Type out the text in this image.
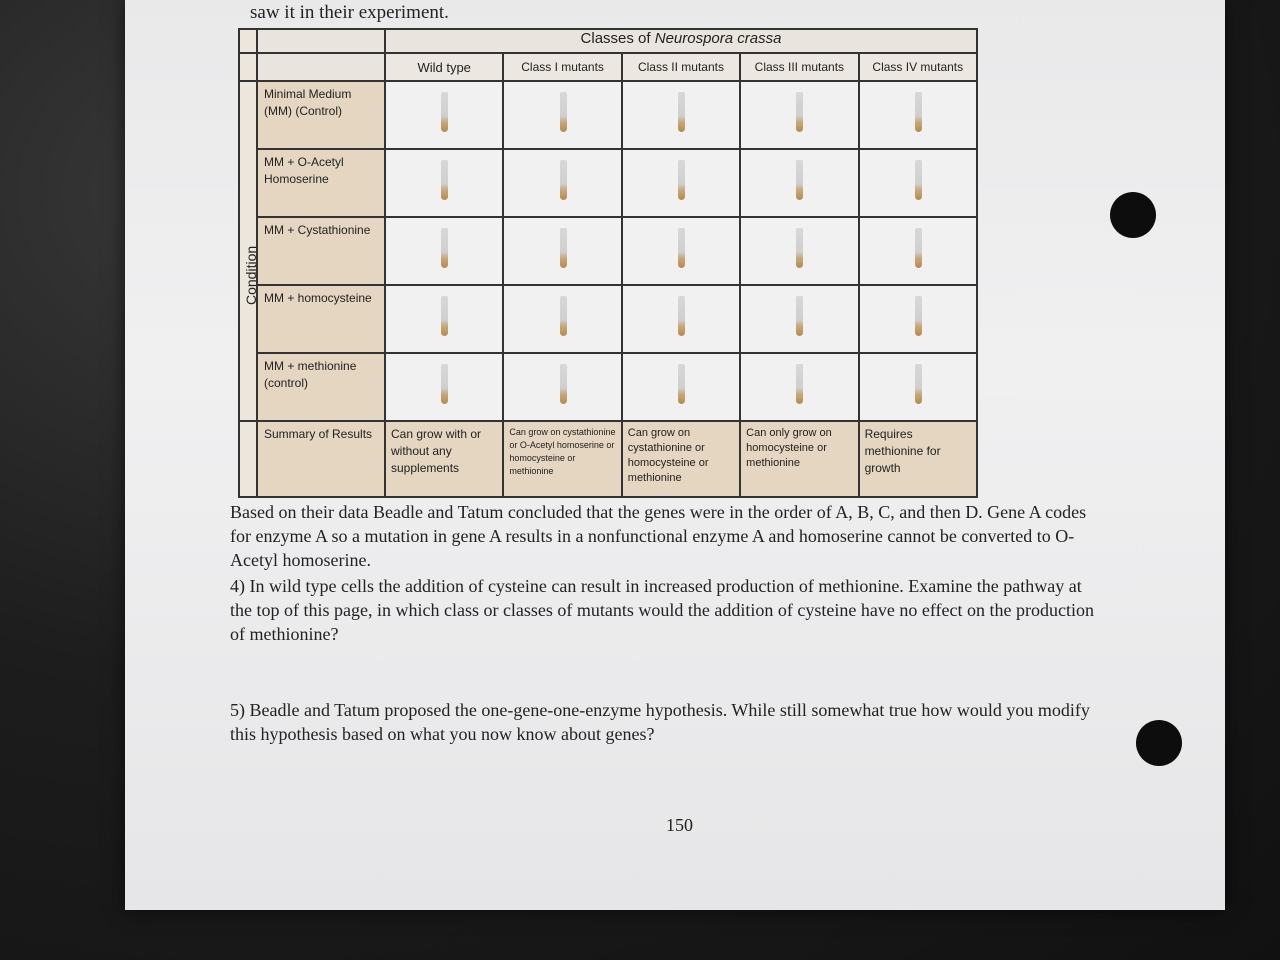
saw it in their experiment.
		Classes of Neurospora crassa				
		Wild type	Class I mutants	Class II mutants	Class III mutants	Class IV mutants
	Minimal Medium (MM) (Control)	

	MM + O-Acetyl Homoserine	

	MM + Cystathionine	

	MM + homocysteine	

	MM + methionine (control)	

	Summary of Results	Can grow with or without any supplements	Can grow on cystathionine or O-Acetyl homoserine or homocysteine or methionine	Can grow on cystathionine or homocysteine or methionine	Can only grow on homocysteine or methionine	Requires methionine for growth
Condition
Based on their data Beadle and Tatum concluded that the genes were in the order of A, B, C, and then D. Gene A codes for enzyme A so a mutation in gene A results in a nonfunctional enzyme A and homoserine cannot be converted to O-Acetyl homoserine.
4) In wild type cells the addition of cysteine can result in increased production of methionine. Examine the pathway at the top of this page, in which class or classes of mutants would the addition of cysteine have no effect on the production of methionine?
5) Beadle and Tatum proposed the one-gene-one-enzyme hypothesis. While still somewhat true how would you modify this hypothesis based on what you now know about genes?
150
